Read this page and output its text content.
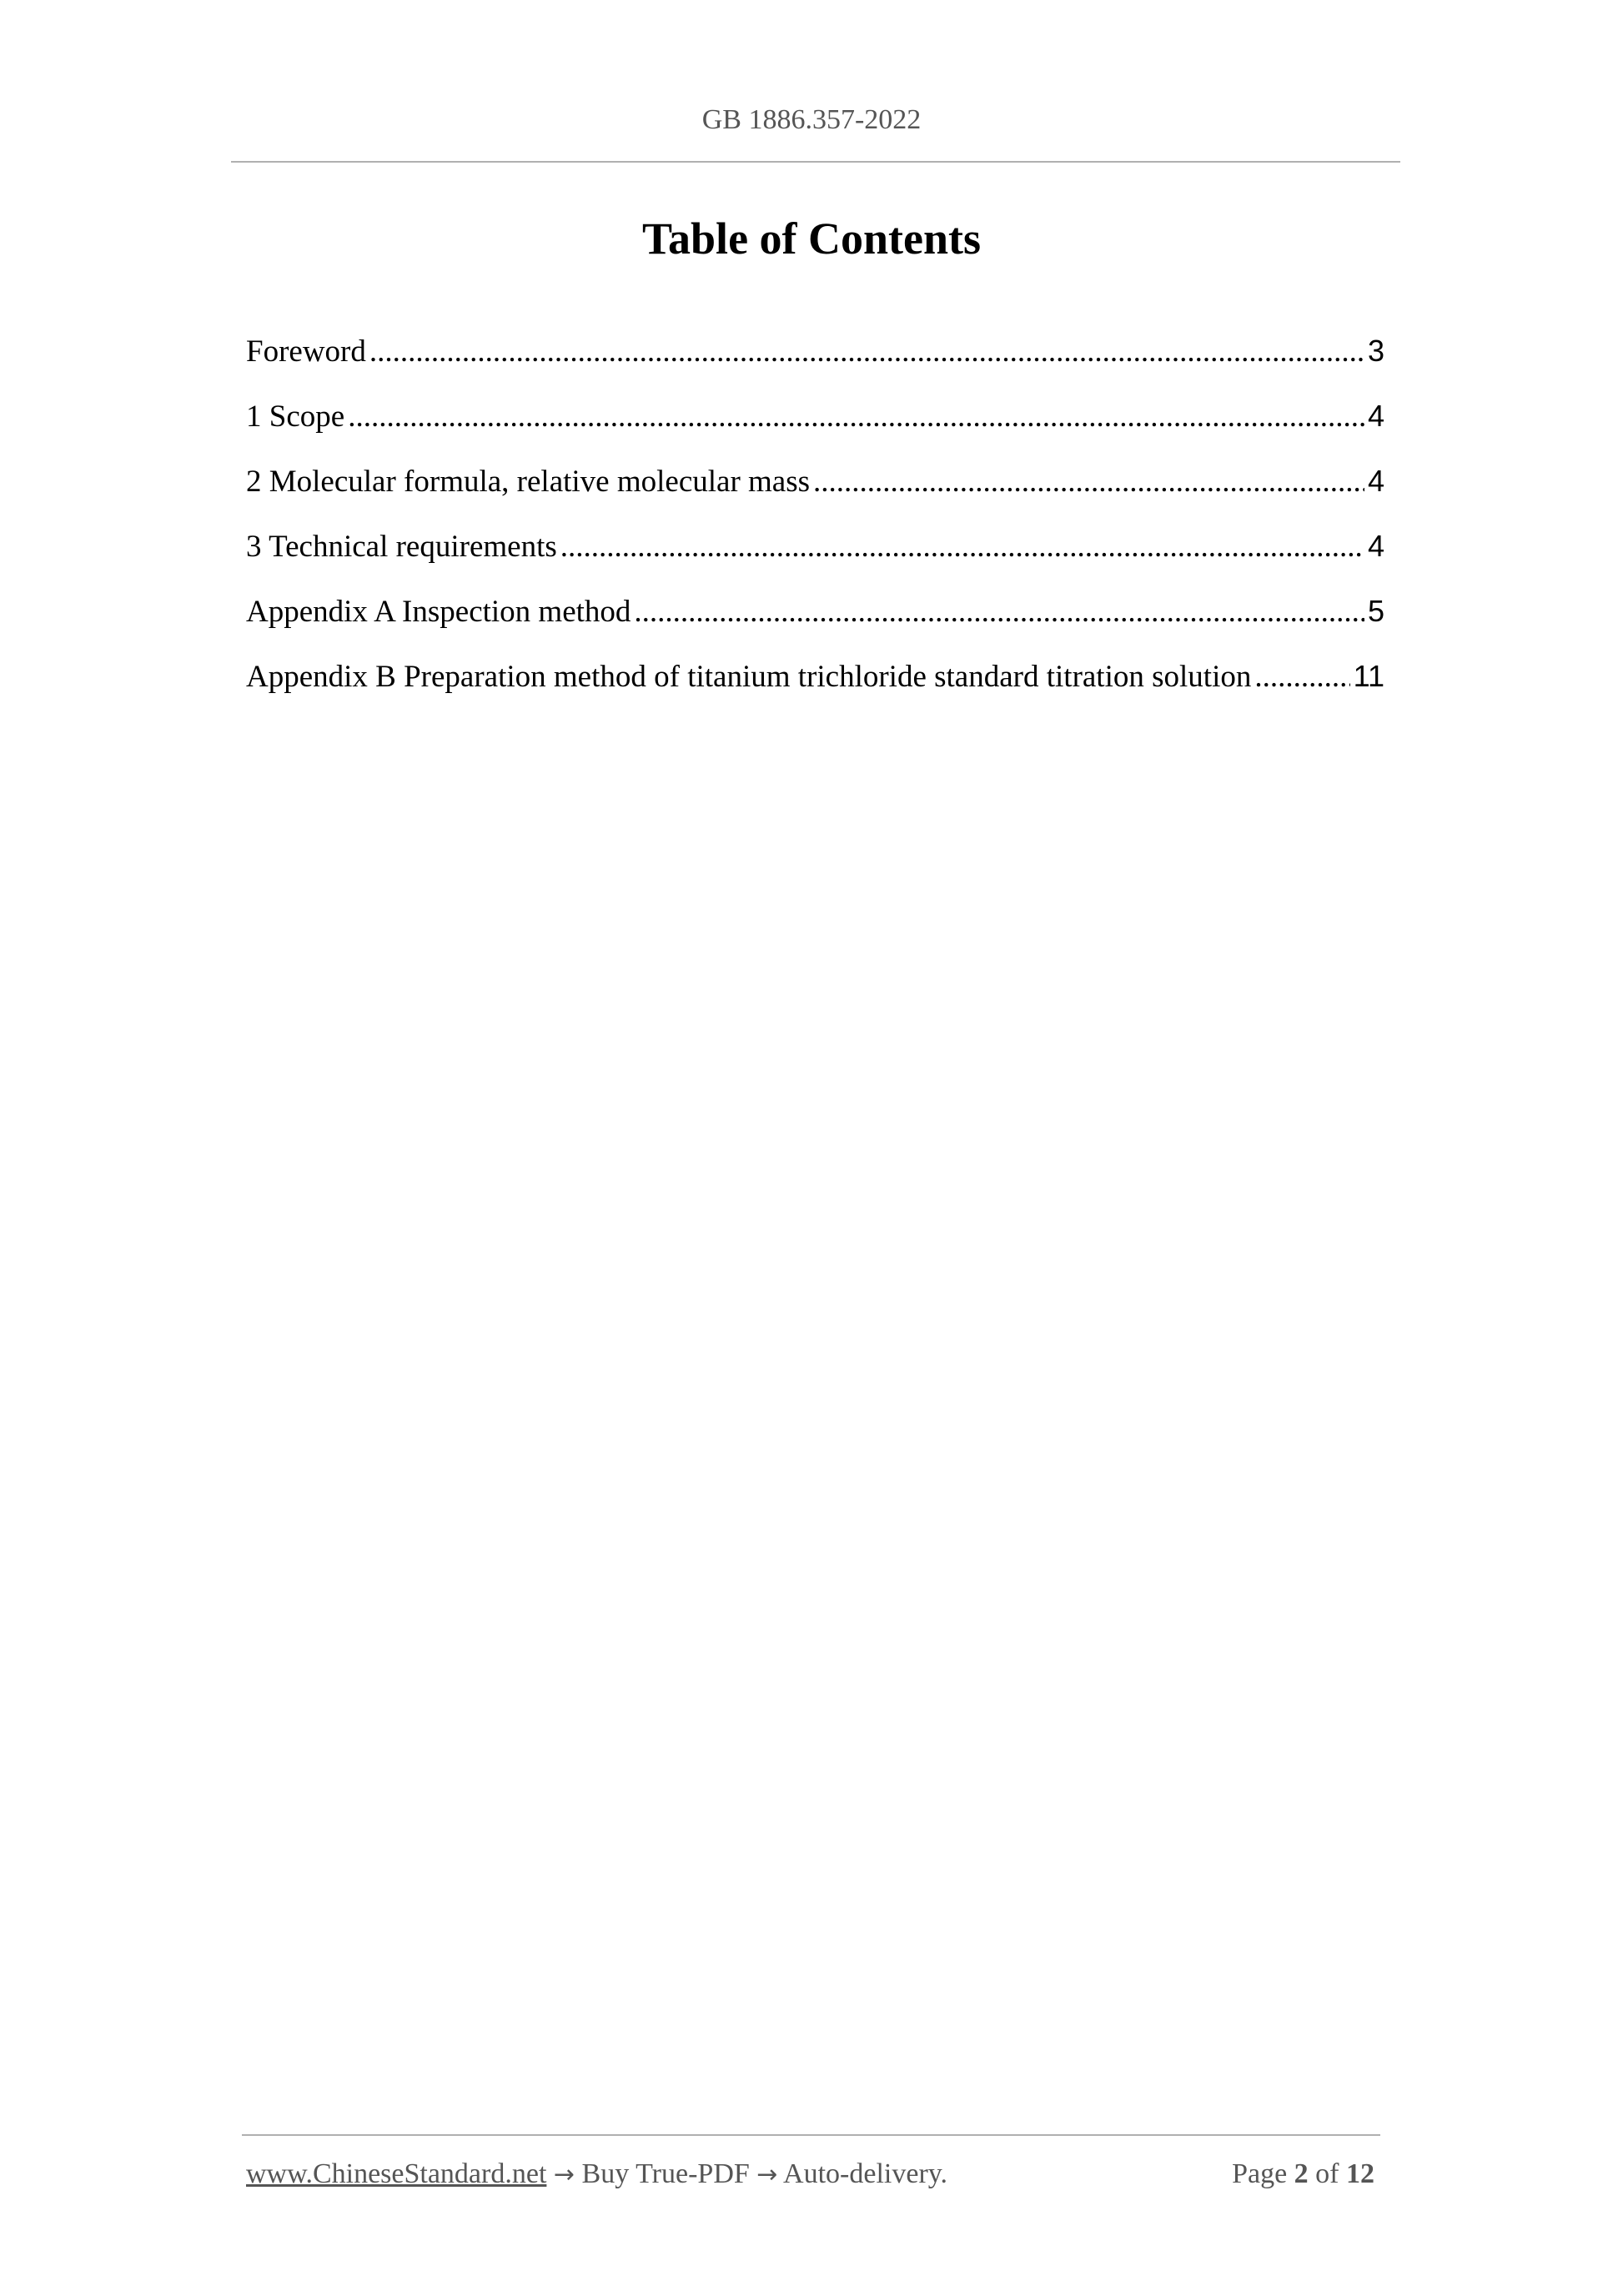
GB 1886.357-2022
Table of Contents
Foreword .....	3
1 Scope .....	4
2 Molecular formula, relative molecular mass .....	4
3 Technical requirements .....	4
Appendix A Inspection method .....	5
Appendix B Preparation method of titanium trichloride standard titration solution .....	11
www.ChineseStandard.net → Buy True-PDF → Auto-delivery.	Page 2 of 12
